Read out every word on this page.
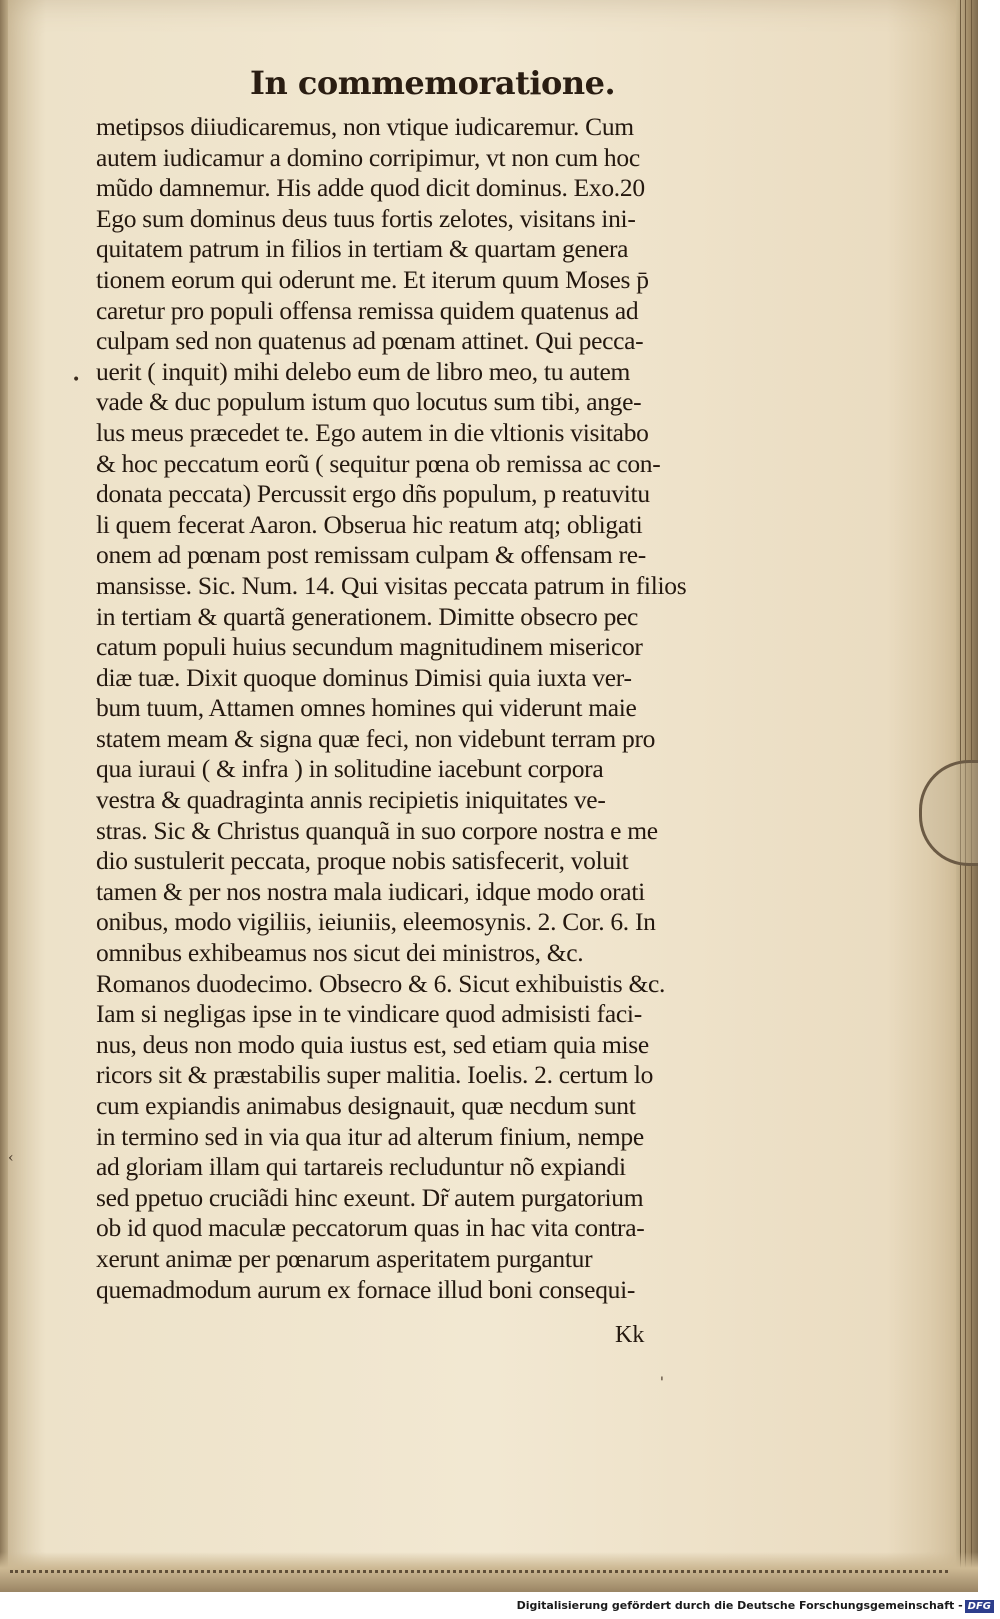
In commemoratione.
metipsos diiudicaremus, non vtique iudicaremur. Cum
autem iudicamur a domino corripimur, vt non cum hoc
mũdo damnemur. His adde quod dicit dominus. Exo.20
Ego sum dominus deus tuus fortis zelotes, visitans ini-
quitatem patrum in filios in tertiam & quartam genera
tionem eorum qui oderunt me. Et iterum quum Moses p̄
caretur pro populi offensa remissa quidem quatenus ad
culpam sed non quatenus ad pœnam attinet. Qui pecca-
uerit ( inquit) mihi delebo eum de libro meo, tu autem
vade & duc populum istum quo locutus sum tibi, ange-
lus meus præcedet te. Ego autem in die vltionis visitabo
& hoc peccatum eorũ ( sequitur pœna ob remissa ac con-
donata peccata) Percussit ergo dñs populum, p reatuvitu
li quem fecerat Aaron. Obserua hic reatum atq; obligati
onem ad pœnam post remissam culpam & offensam re-
mansisse. Sic. Num. 14. Qui visitas peccata patrum in filios
in tertiam & quartã generationem. Dimitte obsecro pec
catum populi huius secundum magnitudinem misericor
diæ tuæ. Dixit quoque dominus Dimisi quia iuxta ver-
bum tuum, Attamen omnes homines qui viderunt maie
statem meam & signa quæ feci, non videbunt terram pro
qua iuraui ( & infra ) in solitudine iacebunt corpora
vestra & quadraginta annis recipietis iniquitates ve-
stras. Sic & Christus quanquã in suo corpore nostra e me
dio sustulerit peccata, proque nobis satisfecerit, voluit
tamen & per nos nostra mala iudicari, idque modo orati
onibus, modo vigiliis, ieiuniis, eleemosynis. 2. Cor. 6. In
omnibus exhibeamus nos sicut dei ministros, &c.
Romanos duodecimo. Obsecro & 6. Sicut exhibuistis &c.
Iam si negligas ipse in te vindicare quod admisisti faci-
nus, deus non modo quia iustus est, sed etiam quia mise
ricors sit & præstabilis super malitia. Ioelis. 2. certum lo
cum expiandis animabus designauit, quæ necdum sunt
in termino sed in via qua itur ad alterum finium, nempe
ad gloriam illam qui tartareis recluduntur nõ expiandi
sed ppetuo cruciãdi hinc exeunt. Dr̃ autem purgatorium
ob id quod maculæ peccatorum quas in hac vita contra-
xerunt animæ per pœnarum asperitatem purgantur
quemadmodum aurum ex fornace illud boni consequi-
Kk
•
‹
'
Digitalisierung gefördert durch die Deutsche Forschungsgemeinschaft - DFG
